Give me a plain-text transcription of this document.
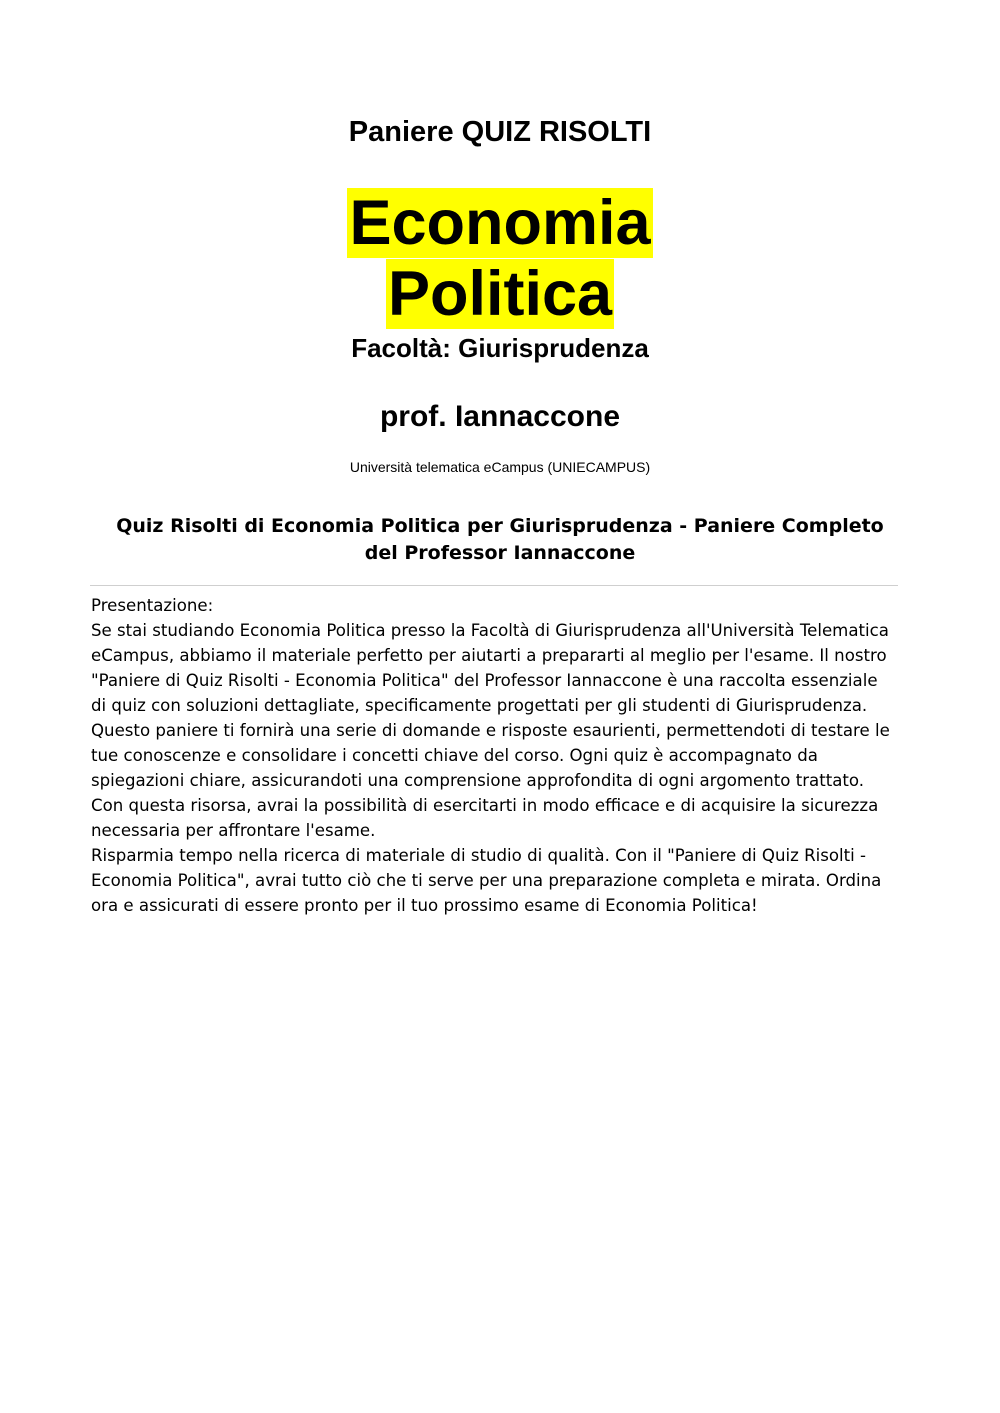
Paniere QUIZ RISOLTI
Economia
Politica
Facoltà: Giurisprudenza
prof. Iannaccone
Università telematica eCampus (UNIECAMPUS)
Quiz Risolti di Economia Politica per Giurisprudenza - Paniere Completo del Professor Iannaccone

Presentazione:

Se stai studiando Economia Politica presso la Facoltà di Giurisprudenza all'Università Telematica eCampus, abbiamo il materiale perfetto per aiutarti a prepararti al meglio per l'esame. Il nostro "Paniere di Quiz Risolti - Economia Politica" del Professor Iannaccone è una raccolta essenziale di quiz con soluzioni dettagliate, specificamente progettati per gli studenti di Giurisprudenza.

Questo paniere ti fornirà una serie di domande e risposte esaurienti, permettendoti di testare le tue conoscenze e consolidare i concetti chiave del corso. Ogni quiz è accompagnato da spiegazioni chiare, assicurandoti una comprensione approfondita di ogni argomento trattato. Con questa risorsa, avrai la possibilità di esercitarti in modo efficace e di acquisire la sicurezza necessaria per affrontare l'esame.

Risparmia tempo nella ricerca di materiale di studio di qualità. Con il "Paniere di Quiz Risolti - Economia Politica", avrai tutto ciò che ti serve per una preparazione completa e mirata. Ordina ora e assicurati di essere pronto per il tuo prossimo esame di Economia Politica!
